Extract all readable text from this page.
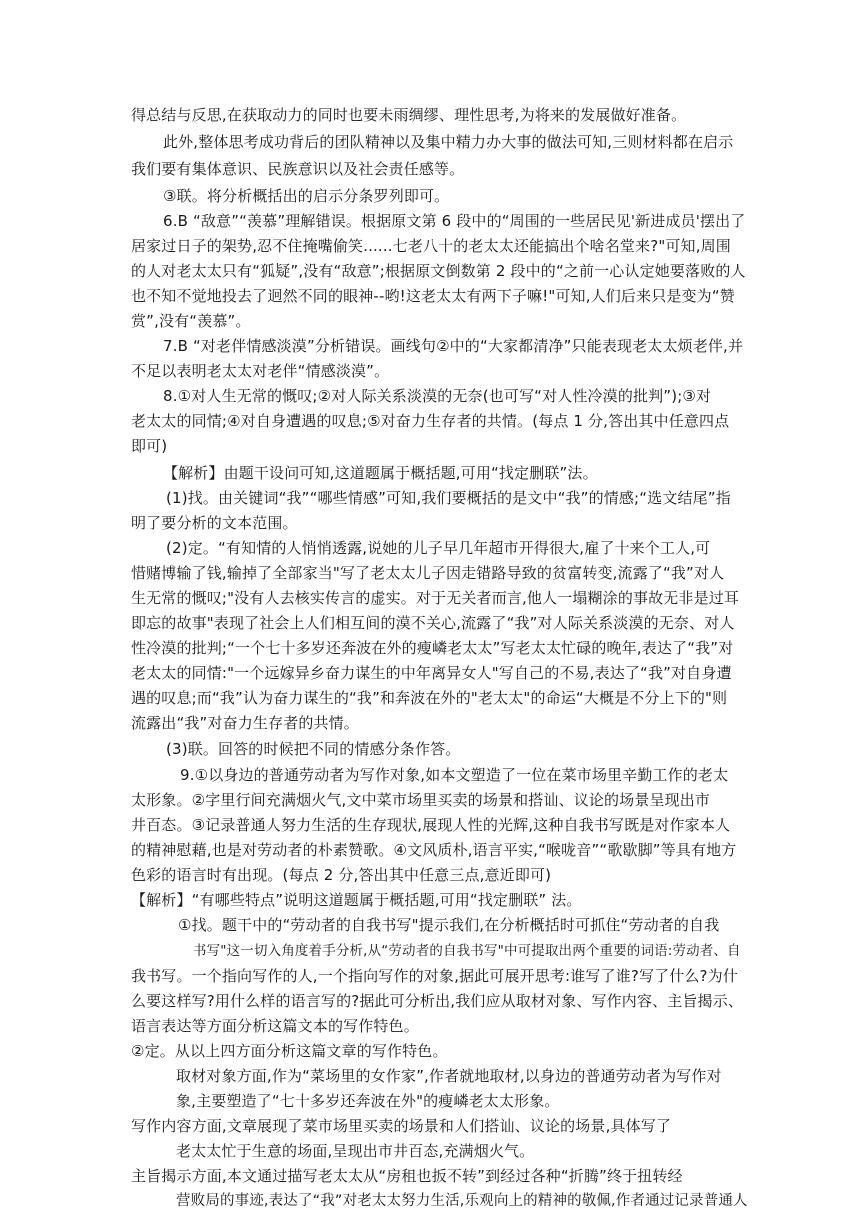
得总结与反思,在获取动力的同时也要未雨绸缪、理性思考,为将来的发展做好准备。
此外,整体思考成功背后的团队精神以及集中精力办大事的做法可知,三则材料都在启示
我们要有集体意识、民族意识以及社会责任感等。
③联。将分析概括出的启示分条罗列即可。
6.B “敌意”“羡慕”理解错误。根据原文第 6 段中的“周围的一些居民见'新进成员'摆出了
居家过日子的架势,忍不住掩嘴偷笑......七老八十的老太太还能搞出个啥名堂来?"可知,周围
的人对老太太只有“狐疑”,没有“敌意”;根据原文倒数第 2 段中的“之前一心认定她要落败的人
也不知不觉地投去了迥然不同的眼神--哟!这老太太有两下子嘛!"可知,人们后来只是变为“赞
赏”,没有“羡慕”。
7.B “对老伴情感淡漠”分析错误。画线句②中的“大家都清净”只能表现老太太烦老伴,并
不足以表明老太太对老伴“情感淡漠”。
8.①对人生无常的慨叹;②对人际关系淡漠的无奈(也可写“对人性冷漠的批判”);③对
老太太的同情;④对自身遭遇的叹息;⑤对奋力生存者的共情。(每点 1 分,答出其中任意四点
即可)
【解析】由题干设问可知,这道题属于概括题,可用“找定删联”法。
(1)找。由关键词“我”“哪些情感”可知,我们要概括的是文中“我”的情感;“选文结尾”指
明了要分析的文本范围。
(2)定。“有知情的人悄悄透露,说她的儿子早几年超市开得很大,雇了十来个工人,可
惜赌博输了钱,输掉了全部家当"写了老太太儿子因走错路导致的贫富转变,流露了“我”对人
生无常的慨叹;"没有人去核实传言的虚实。对于无关者而言,他人一塌糊涂的事故无非是过耳
即忘的故事"表现了社会上人们相互间的漠不关心,流露了“我”对人际关系淡漠的无奈、对人
性冷漠的批判;“一个七十多岁还奔波在外的瘦嶙老太太”写老太太忙碌的晚年,表达了“我”对
老太太的同情:"一个远嫁异乡奋力谋生的中年离异女人"写自己的不易,表达了“我”对自身遭
遇的叹息;而“我”认为奋力谋生的“我”和奔波在外的"老太太"的命运“大概是不分上下的"则
流露出“我”对奋力生存者的共情。
(3)联。回答的时候把不同的情感分条作答。
9.①以身边的普通劳动者为写作对象,如本文塑造了一位在菜市场里辛勤工作的老太
太形象。②字里行间充满烟火气,文中菜市场里买卖的场景和搭讪、议论的场景呈现出市
井百态。③记录普通人努力生活的生存现状,展现人性的光辉,这种自我书写既是对作家本人
的精神慰藉,也是对劳动者的朴素赞歌。④文风质朴,语言平实,“喉咙音”“歌歇脚”等具有地方
色彩的语言时有出现。(每点 2 分,答出其中任意三点,意近即可)
【解析】“有哪些特点”说明这道题属于概括题,可用“找定删联” 法。
①找。题干中的“劳动者的自我书写"提示我们,在分析概括时可抓住“劳动者的自我
书写"这一切入角度着手分析,从“劳动者的自我书写"中可提取出两个重要的词语:劳动者、自
我书写。一个指向写作的人,一个指向写作的对象,据此可展开思考:谁写了谁?写了什么?为什
么要这样写?用什么样的语言写的?据此可分析出,我们应从取材对象、写作内容、主旨揭示、
语言表达等方面分析这篇文本的写作特色。
②定。从以上四方面分析这篇文章的写作特色。
取材对象方面,作为“菜场里的女作家”,作者就地取材,以身边的普通劳动者为写作对
象,主要塑造了“七十多岁还奔波在外"的瘦嶙老太太形象。
写作内容方面,文章展现了菜市场里买卖的场景和人们搭讪、议论的场景,具体写了
老太太忙于生意的场面,呈现出市井百态,充满烟火气。
主旨揭示方面,本文通过描写老太太从“房租也扳不转”到经过各种“折腾”终于扭转经
营败局的事迹,表达了“我”对老太太努力生活,乐观向上的精神的敬佩,作者通过记录普通人
